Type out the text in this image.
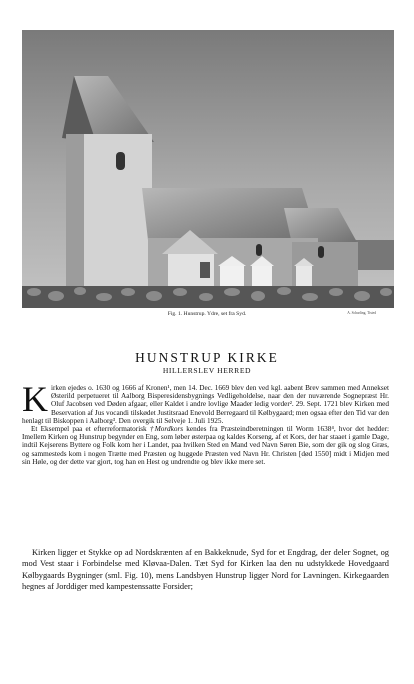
Fig. 1. Hunstrup. Ydre, set fra Syd.	A. Scharling, Tisted
HUNSTRUP KIRKE
HILLERSLEV HERRED

Kirken ejedes o. 1630 og 1666 af Kronen¹, men 14. Dec. 1669 blev den ved kgl. aabent Brev sammen med Annekset Østerild perpetueret til Aalborg Bisperesidensbygnings Vedligeholdelse, naar den der nuværende Sognepræst Hr. Oluf Jacobsen ved Døden afgaar, eller Kaldet i andre lovlige Maader ledig vorder². 29. Sept. 1721 blev Kirken med Beservation af Jus vocandi tilskødet Justitsraad Enevold Berregaard til Kølbygaard; men ogsaa efter den Tid var den henlagt til Biskoppen i Aalborg³. Den overgik til Selveje 1. Juli 1925.

Et Eksempel paa et efterreformatorisk †Mordkors kendes fra Præsteindberetningen til Worm 1638⁴, hvor det hedder: Imellem Kirken og Hunstrup begynder en Eng, som løber østerpaa og kaldes Korseng, af et Kors, der har staaet i gamle Dage, indtil Kejserens Byttere og Folk kom her i Landet, paa hvilken Sted en Mand ved Navn Søren Bie, som der gik og slog Græs, og sammesteds kom i nogen Trætte med Præsten og huggede Præsten ved Navn Hr. Christen [død 1550] midt i Midjen med sin Høle, og der dette var gjort, tog han en Hest og undrendte og blev ikke mere set.

Kirken ligger et Stykke op ad Nordskrænten af en Bakkeknude, Syd for et Engdrag, der deler Sognet, og mod Vest staar i Forbindelse med Kløvaa-Dalen. Tæt Syd for Kirken laa den nu udstykkede Hovedgaard Kølbygaards Bygninger (sml. Fig. 10), mens Landsbyen Hunstrup ligger Nord for Lavningen. Kirkegaarden hegnes af Jorddiger med kampestenssatte Forsider;
